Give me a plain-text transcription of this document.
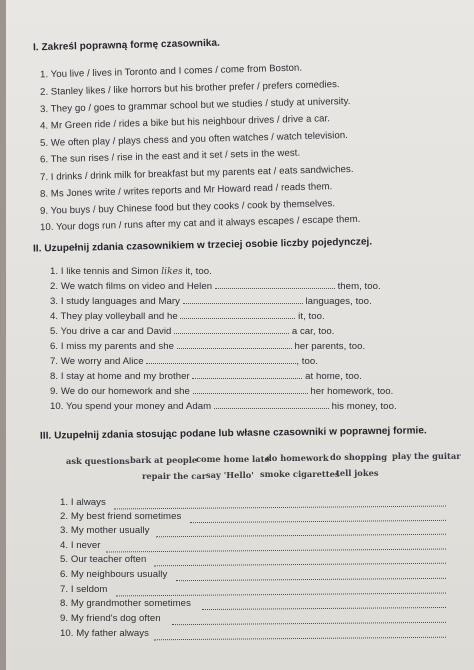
I. Zakreśl poprawną formę czasownika.
1. You live / lives in Toronto and I comes / come from Boston.
2. Stanley likes / like horrors but his brother prefer / prefers comedies.
3. They go / goes to grammar school but we studies / study at university.
4. Mr Green ride / rides a bike but his neighbour drives / drive a car.
5. We often play / plays chess and you often watches / watch television.
6. The sun rises / rise in the east and it set / sets in the west.
7. I drinks / drink milk for breakfast but my parents eat / eats sandwiches.
8. Ms Jones write / writes reports and Mr Howard read / reads them.
9. You buys / buy Chinese food but they cooks / cook by themselves.
10. Your dogs run / runs after my cat and it always escapes / escape them.
II. Uzupełnij zdania czasownikiem w trzeciej osobie liczby pojedynczej.
1. I like tennis and Simon likes it, too.
2. We watch films on video and Helen	them, too.
3. I study languages and Mary	languages, too.
4. They play volleyball and he	it, too.
5. You drive a car and David	a car, too.
6. I miss my parents and she	her parents, too.
7. We worry and Alice	, too.
8. I stay at home and my brother	at home, too.
9. We do our homework and she	her homework, too.
10. You spend your money and Adam	his money, too.
III. Uzupełnij zdania stosując podane lub własne czasowniki w poprawnej formie.
ask questions bark at people
come home late
do homework do shopping play the guitar
repair the car say 'Hello' smoke cigarettes
tell jokes
1. I always
2. My best friend sometimes
3. My mother usually
4. I never
5. Our teacher often
6. My neighbours usually
7. I seldom
8. My grandmother sometimes
9. My friend's dog often
10. My father always
